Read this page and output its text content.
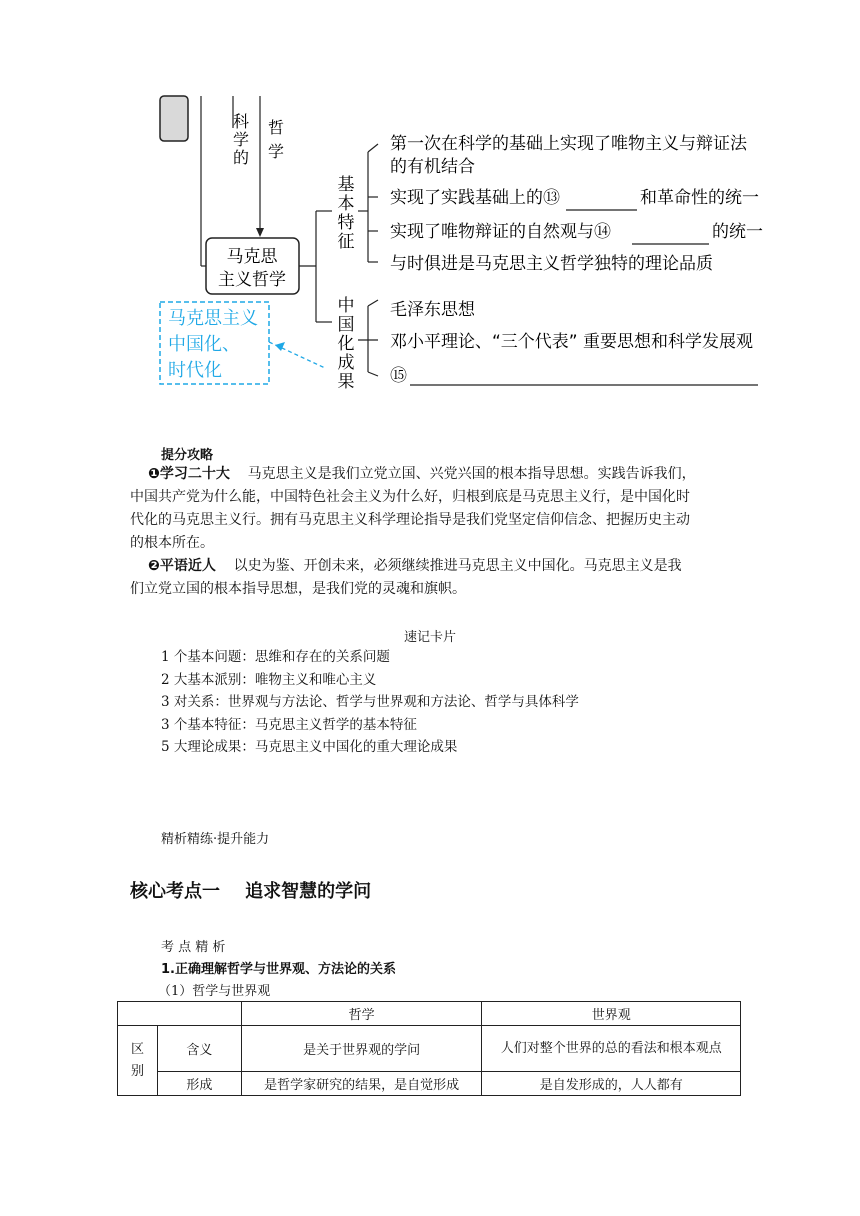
科
学
的
哲
学
马克思
主义哲学
基
本
特
征
第一次在科学的基础上实现了唯物主义与辩证法
的有机结合
实现了实践基础上的⑬	和革命性的统一
实现了唯物辩证的自然观与⑭	的统一
与时俱进是马克思主义哲学独特的理论品质
中
国
化
成
果
毛泽东思想
邓小平理论、“三个代表” 重要思想和科学发展观
⑮
马克思主义
中国化、
时代化
提分攻略

❶学习二十大 马克思主义是我们立党立国、兴党兴国的根本指导思想。实践告诉我们，
中国共产党为什么能，中国特色社会主义为什么好，归根到底是马克思主义行，是中国化时
代化的马克思主义行。拥有马克思主义科学理论指导是我们党坚定信仰信念、把握历史主动
的根本所在。

❷平语近人 以史为鉴、开创未来，必须继续推进马克思主义中国化。马克思主义是我
们立党立国的根本指导思想，是我们党的灵魂和旗帜。

速记卡片
1 个基本问题：思维和存在的关系问题
2 大基本派别：唯物主义和唯心主义
3 对关系：世界观与方法论、哲学与世界观和方法论、哲学与具体科学
3 个基本特征：马克思主义哲学的基本特征
5 大理论成果：马克思主义中国化的重大理论成果
精析精练·提升能力
核心考点一    追求智慧的学问
考 点 精 析
1.正确理解哲学与世界观、方法论的关系
（1）哲学与世界观
		哲学	世界观
区
别	含义	是关于世界观的学问	人们对整个世界的总的看法和根本观点
	形成	是哲学家研究的结果，是自觉形成	是自发形成的，人人都有
